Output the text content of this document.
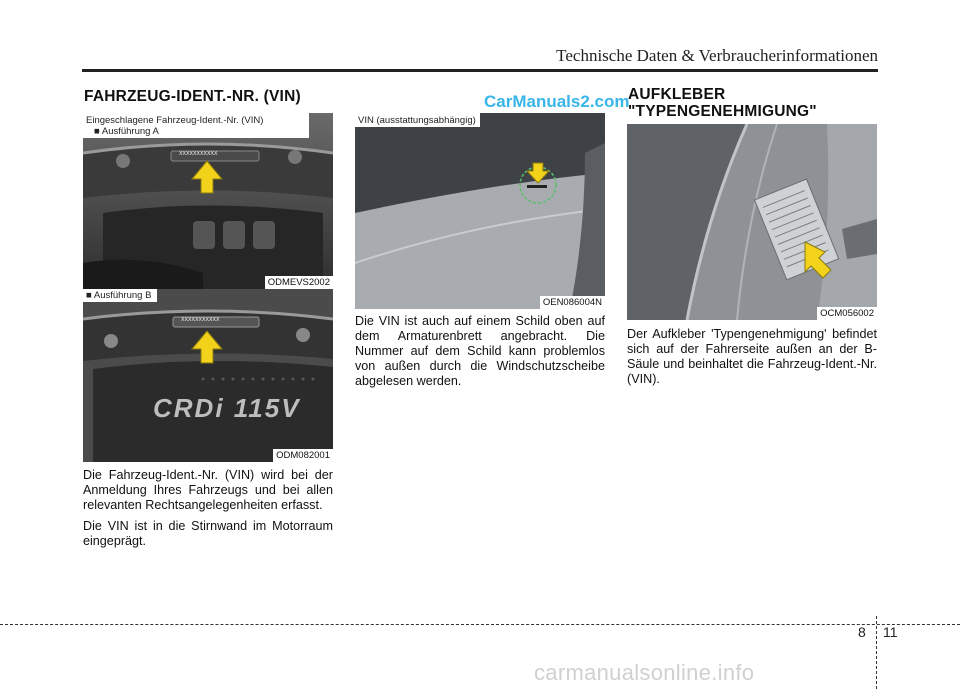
Technische Daten & Verbraucherinformationen
FAHRZEUG-IDENT.-NR. (VIN)
xxxxxxxxxxx
Eingeschlagene Fahrzeug-Ident.-Nr. (VIN)
■ Ausführung A
ODMEVS2002
xxxxxxxxxxx
CRDi 115V
■ Ausführung B
ODM082001

Die Fahrzeug-Ident.-Nr. (VIN) wird bei der Anmeldung Ihres Fahrzeugs und bei allen relevanten Rechtsangelegenheiten erfasst.

Die VIN ist in die Stirnwand im Motorraum eingeprägt.

CarManuals2.com
VIN (ausstattungsabhängig)
OEN086004N

Die VIN ist auch auf einem Schild oben auf dem Armaturenbrett angebracht. Die Nummer auf dem Schild kann problemlos von außen durch die Windschutzscheibe abgelesen werden.

AUFKLEBER
"TYPENGENEHMIGUNG"
OCM056002

Der Aufkleber 'Typengenehmigung' befindet sich auf der Fahrerseite außen an der B-Säule und beinhaltet die Fahrzeug-Ident.-Nr. (VIN).

8 11
carmanualsonline.info
